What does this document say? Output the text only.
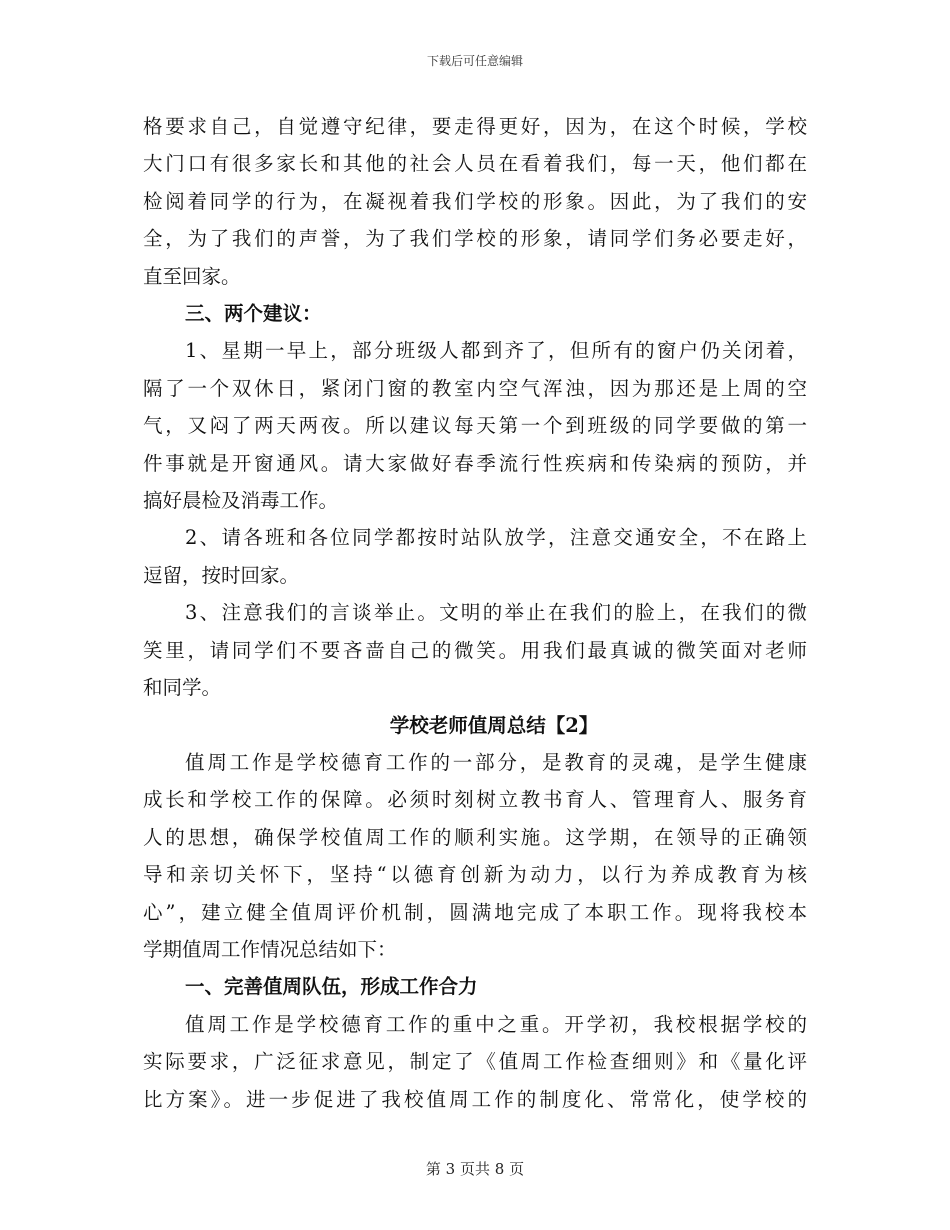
下载后可任意编辑
格要求自己，自觉遵守纪律，要走得更好，因为，在这个时候，学校
大门口有很多家长和其他的社会人员在看着我们，每一天，他们都在
检阅着同学的行为，在凝视着我们学校的形象。因此，为了我们的安
全，为了我们的声誉，为了我们学校的形象，请同学们务必要走好，
直至回家。
三、两个建议：
1、星期一早上，部分班级人都到齐了，但所有的窗户仍关闭着，
隔了一个双休日，紧闭门窗的教室内空气浑浊，因为那还是上周的空
气，又闷了两天两夜。所以建议每天第一个到班级的同学要做的第一
件事就是开窗通风。请大家做好春季流行性疾病和传染病的预防，并
搞好晨检及消毒工作。
2、请各班和各位同学都按时站队放学，注意交通安全，不在路上
逗留，按时回家。
3、注意我们的言谈举止。文明的举止在我们的脸上，在我们的微
笑里，请同学们不要吝啬自己的微笑。用我们最真诚的微笑面对老师
和同学。
学校老师值周总结【2】
值周工作是学校德育工作的一部分，是教育的灵魂，是学生健康
成长和学校工作的保障。必须时刻树立教书育人、管理育人、服务育
人的思想，确保学校值周工作的顺利实施。这学期，在领导的正确领
导和亲切关怀下，坚持“以德育创新为动力，以行为养成教育为核
心”，建立健全值周评价机制，圆满地完成了本职工作。现将我校本
学期值周工作情况总结如下：
一、完善值周队伍，形成工作合力
值周工作是学校德育工作的重中之重。开学初，我校根据学校的
实际要求，广泛征求意见，制定了《值周工作检查细则》和《量化评
比方案》。进一步促进了我校值周工作的制度化、常常化，使学校的
第 3 页共 8 页
